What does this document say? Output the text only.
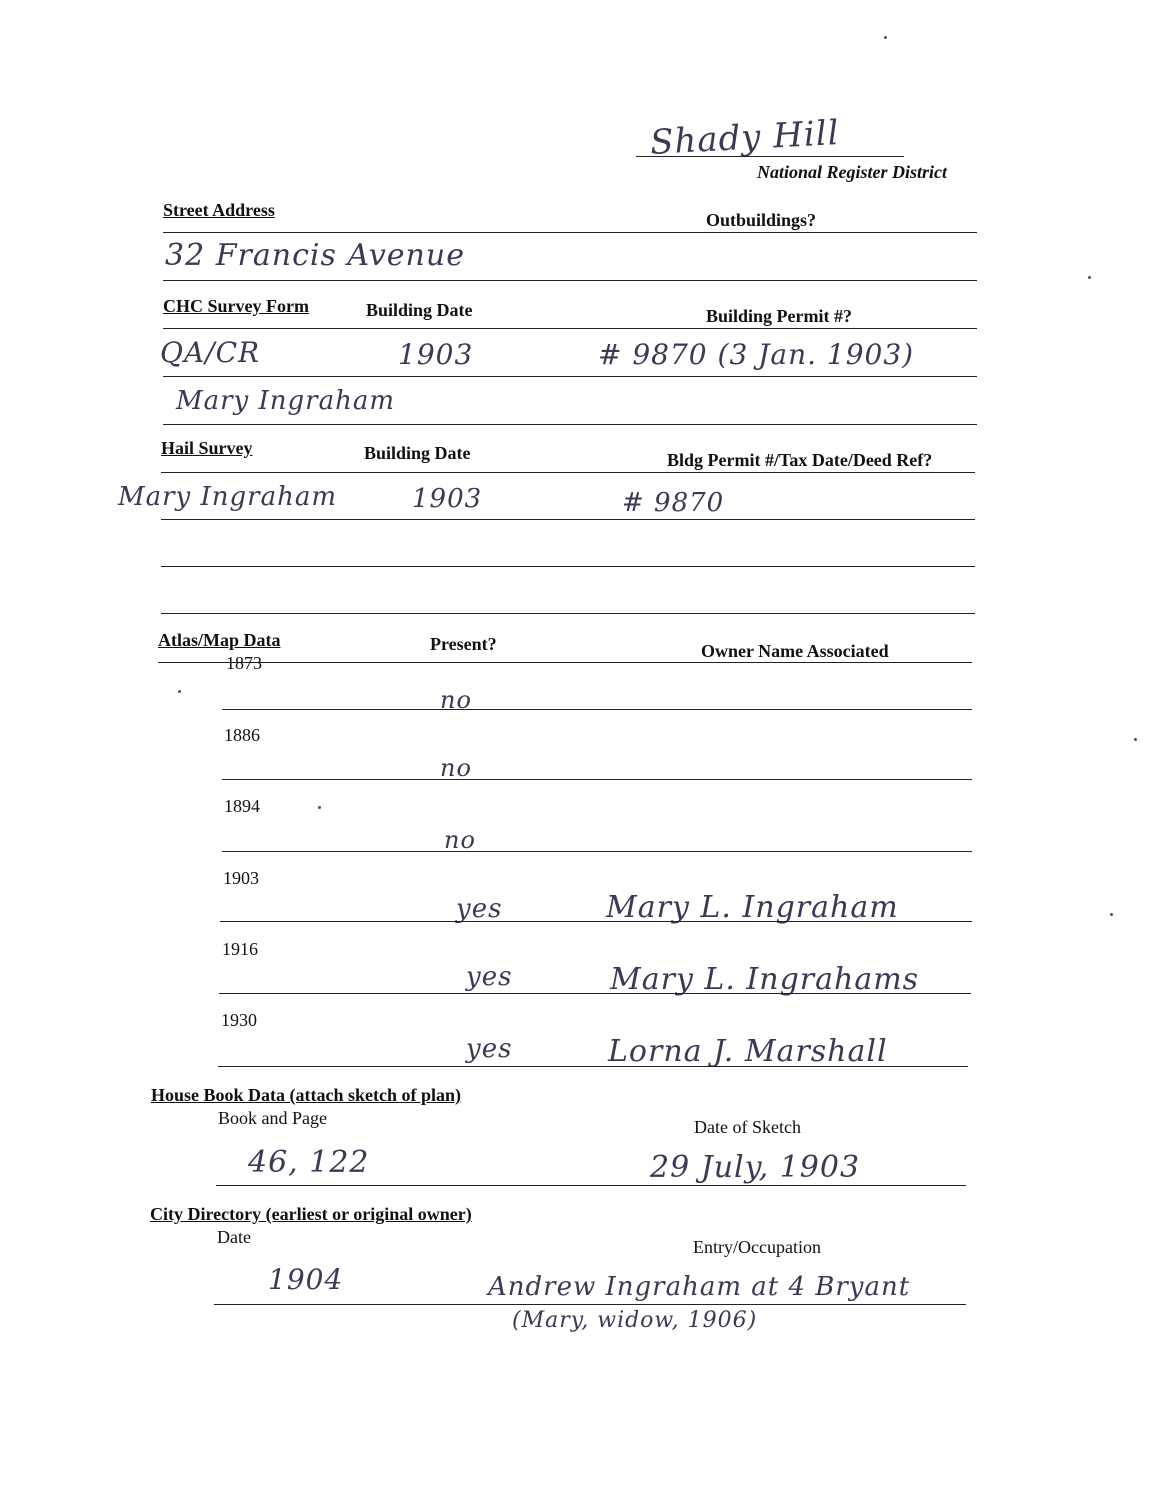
Shady Hill
National Register District
Street Address	Outbuildings?
32 Francis Avenue
CHC Survey Form	Building Date	Building Permit #?
QA/CR	1903	# 9870 (3 Jan. 1903)
Mary Ingraham
Hail Survey	Building Date	Bldg Permit #/Tax Date/Deed Ref?
Mary Ingraham	1903	# 9870
Atlas/Map Data	Present?	Owner Name Associated
1873
no
1886
no
1894
no
1903
yes	Mary L. Ingraham
1916
yes	Mary L. Ingrahams
1930
yes	Lorna J. Marshall
House Book Data (attach sketch of plan)
Book and Page	Date of Sketch
46, 122	29 July, 1903
City Directory (earliest or original owner)
Date	Entry/Occupation
1904	Andrew Ingraham at 4 Bryant
(Mary, widow, 1906)
